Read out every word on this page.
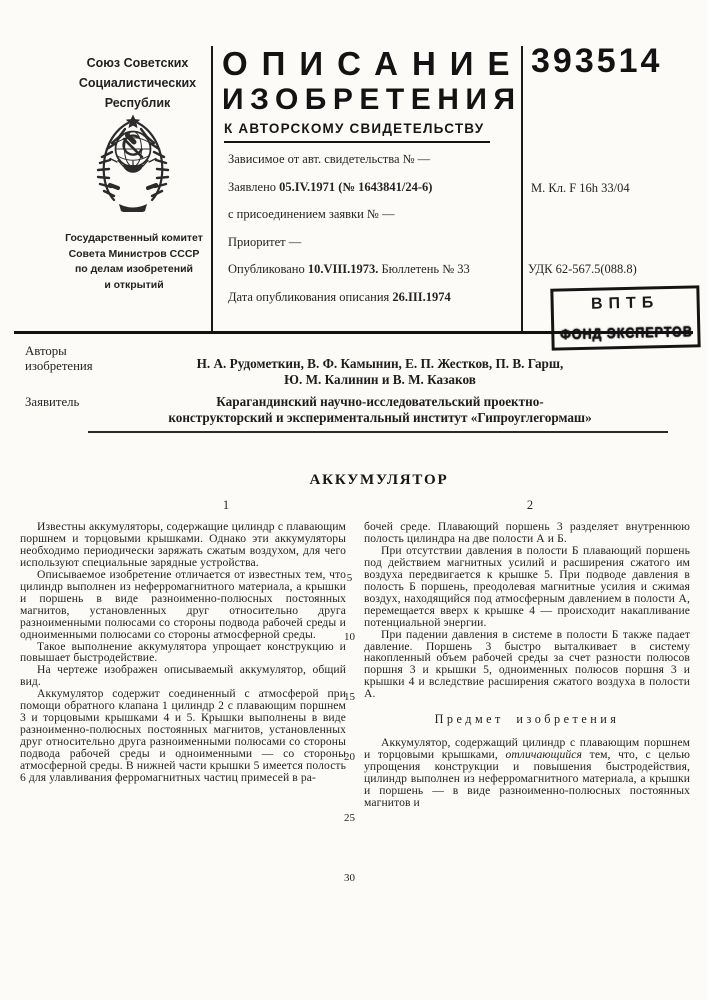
Союз Советских
Социалистических
Республик
Государственный комитет
Совета Министров СССР
по делам изобретений
и открытий
ОПИСАНИЕ
ИЗОБРЕТЕНИЯ
К АВТОРСКОМУ СВИДЕТЕЛЬСТВУ
Зависимое от авт. свидетельства № —
Заявлено 05.IV.1971 (№ 1643841/24-6)
с присоединением заявки № —
Приоритет —
Опубликовано 10.VIII.1973. Бюллетень № 33
Дата опубликования описания 26.III.1974
393514
М. Кл. F 16h 33/04
УДК 62-567.5(088.8)
ВПТБ
Авторы
изобретения	Н. А. Рудометкин, В. Ф. Камынин, Е. П. Жестков, П. В. Гарш,
Ю. М. Калинин и В. М. Казаков
Заявитель	Карагандинский научно-исследовательский проектно-
конструкторский и экспериментальный институт «Гипроуглегормаш»
АККУМУЛЯТОР
1	2

Известны аккумуляторы, содержащие цилиндр с плавающим поршнем и торцовыми крышками. Однако эти аккумуляторы необходимо периодически заряжать сжатым воздухом, для чего используют специальные зарядные устройства.

Описываемое изобретение отличается от известных тем, что цилиндр выполнен из неферромагнитного материала, а крышки и поршень в виде разноименно-полюсных постоянных магнитов, установленных друг относительно друга разноименными полюсами со стороны подвода рабочей среды и одноименными полюсами со стороны атмосферной среды.

Такое выполнение аккумулятора упрощает конструкцию и повышает быстродействие.

На чертеже изображен описываемый аккумулятор, общий вид.

Аккумулятор содержит соединенный с атмосферой при помощи обратного клапана 1 цилиндр 2 с плавающим поршнем 3 и торцовыми крышками 4 и 5. Крышки выполнены в виде разноименно-полюсных постоянных магнитов, установленных друг относительно друга разноименными полюсами со стороны подвода рабочей среды и одноименными — со стороны атмосферной среды. В нижней части крышки 5 имеется полость 6 для улавливания ферромагнитных частиц примесей в ра-

бочей среде. Плавающий поршень 3 разделяет внутреннюю полость цилиндра на две полости А и Б.

При отсутствии давления в полости Б плавающий поршень под действием магнитных усилий и расширения сжатого им воздуха передвигается к крышке 5. При подводе давления в полость Б поршень, преодолевая магнитные усилия и сжимая воздух, находящийся под атмосферным давлением в полости А, перемещается вверх к крышке 4 — происходит накапливание потенциальной энергии.

При падении давления в системе в полости Б также падает давление. Поршень 3 быстро выталкивает в систему накопленный объем рабочей среды за счет разности полюсов поршня 3 и крышки 5, одноименных полюсов поршня 3 и крышки 4 и вследствие расширения сжатого воздуха в полости А.

Предмет изобретения

Аккумулятор, содержащий цилиндр с плавающим поршнем и торцовыми крышками, отличающийся тем, что, с целью упрощения конструкции и повышения быстродействия, цилиндр выполнен из неферромагнитного материала, а крышки и поршень — в виде разноименно-полюсных постоянных магнитов и

5
10
15
20
25
30
